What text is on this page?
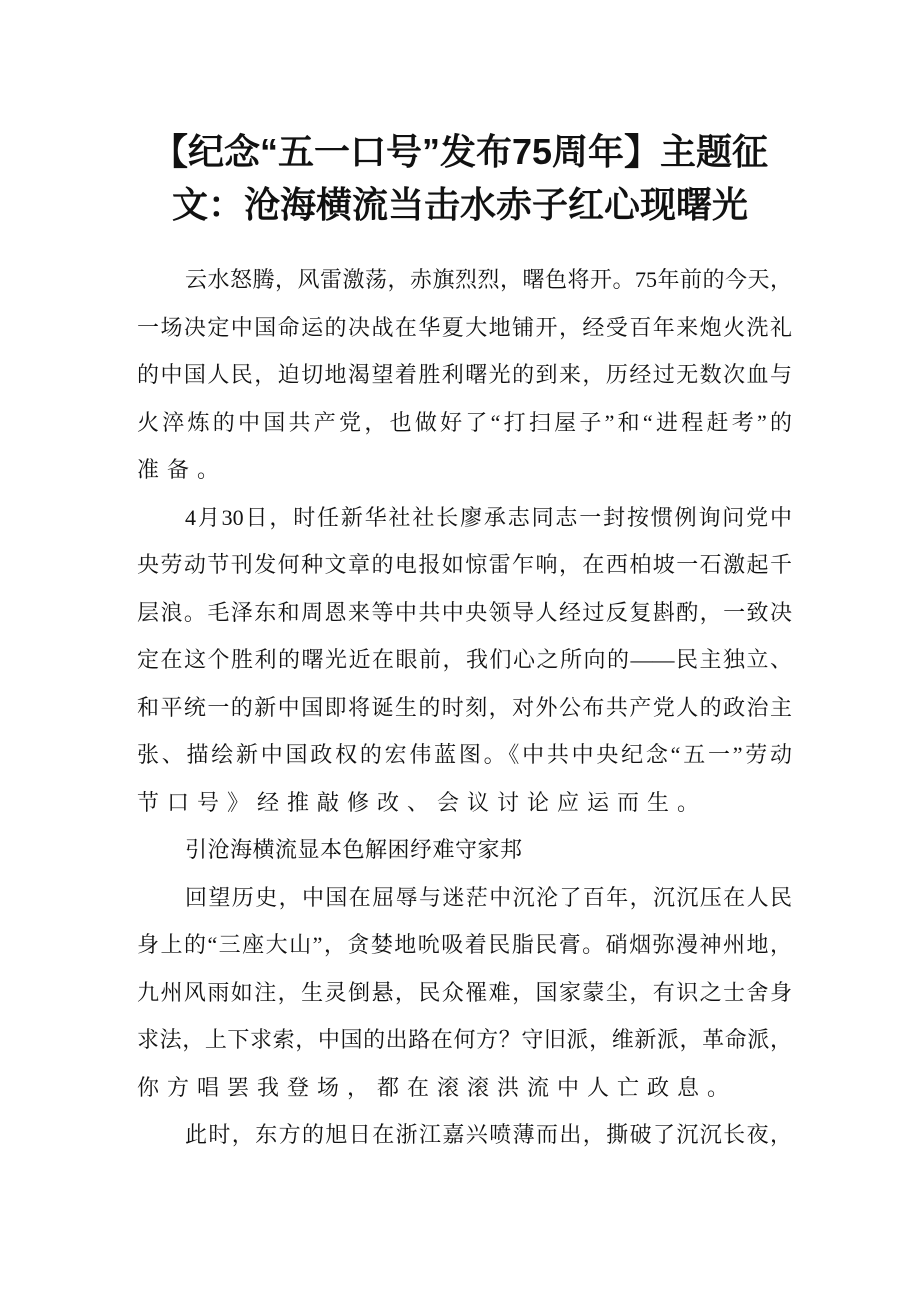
【纪念“五一口号”发布75周年】主题征
文：沧海横流当击水赤子红心现曙光
云水怒腾，风雷激荡，赤旗烈烈，曙色将开。75年前的今天，
一场决定中国命运的决战在华夏大地铺开，经受百年来炮火洗礼
的中国人民，迫切地渴望着胜利曙光的到来，历经过无数次血与
火淬炼的中国共产党，也做好了“打扫屋子”和“进程赶考”的
准备。
4月30日，时任新华社社长廖承志同志一封按惯例询问党中
央劳动节刊发何种文章的电报如惊雷乍响，在西柏坡一石激起千
层浪。毛泽东和周恩来等中共中央领导人经过反复斟酌，一致决
定在这个胜利的曙光近在眼前，我们心之所向的——民主独立、
和平统一的新中国即将诞生的时刻，对外公布共产党人的政治主
张、描绘新中国政权的宏伟蓝图。《中共中央纪念“五一”劳动
节口号》经推敲修改、会议讨论应运而生。
引沧海横流显本色解困纾难守家邦
回望历史，中国在屈辱与迷茫中沉沦了百年，沉沉压在人民
身上的“三座大山”，贪婪地吮吸着民脂民膏。硝烟弥漫神州地，
九州风雨如注，生灵倒悬，民众罹难，国家蒙尘，有识之士舍身
求法，上下求索，中国的出路在何方？守旧派，维新派，革命派，
你方唱罢我登场，都在滚滚洪流中人亡政息。
此时，东方的旭日在浙江嘉兴喷薄而出，撕破了沉沉长夜，
